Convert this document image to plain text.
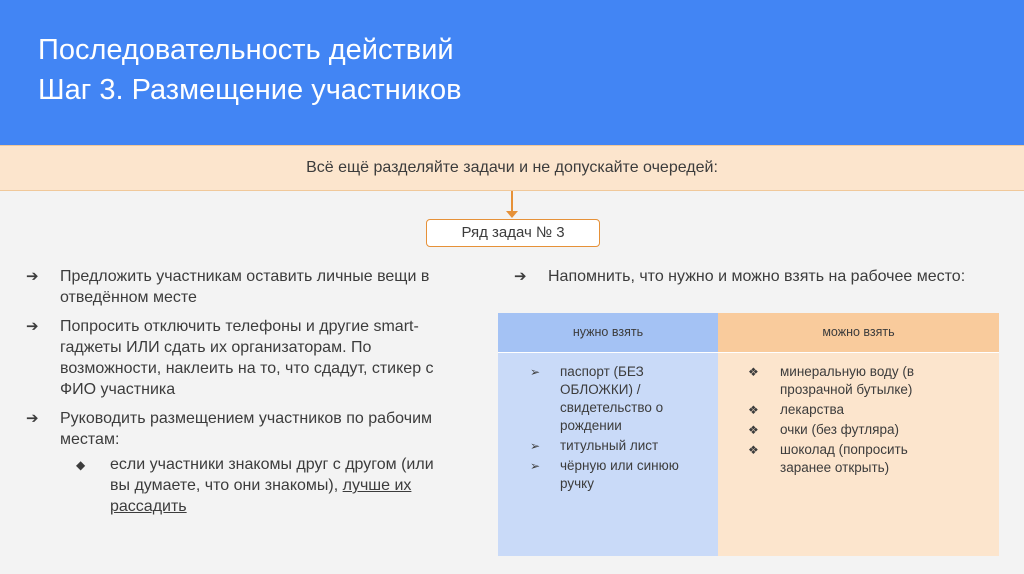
Последовательность действий
Шаг 3. Размещение участников
Всё ещё разделяйте задачи и не допускайте очередей:
Ряд задач № 3
➔ Предложить участникам оставить личные вещи в отведённом месте
➔ Попросить отключить телефоны и другие smart-гаджеты ИЛИ сдать их организаторам. По возможности, наклеить на то, что сдадут, стикер с ФИО участника
➔ Руководить размещением участников по рабочим местам:
◆ если участники знакомы друг с другом (или вы думаете, что они знакомы), лучше их рассадить
➔ Напомнить, что нужно и можно взять на рабочее место:
нужно взять
➢ паспорт (БЕЗ ОБЛОЖКИ) / свидетельство о рождении
➢ титульный лист
➢ чёрную или синюю ручку
можно взять
❖ минеральную воду (в прозрачной бутылке)
❖ лекарства
❖ очки (без футляра)
❖ шоколад (попросить заранее открыть)
